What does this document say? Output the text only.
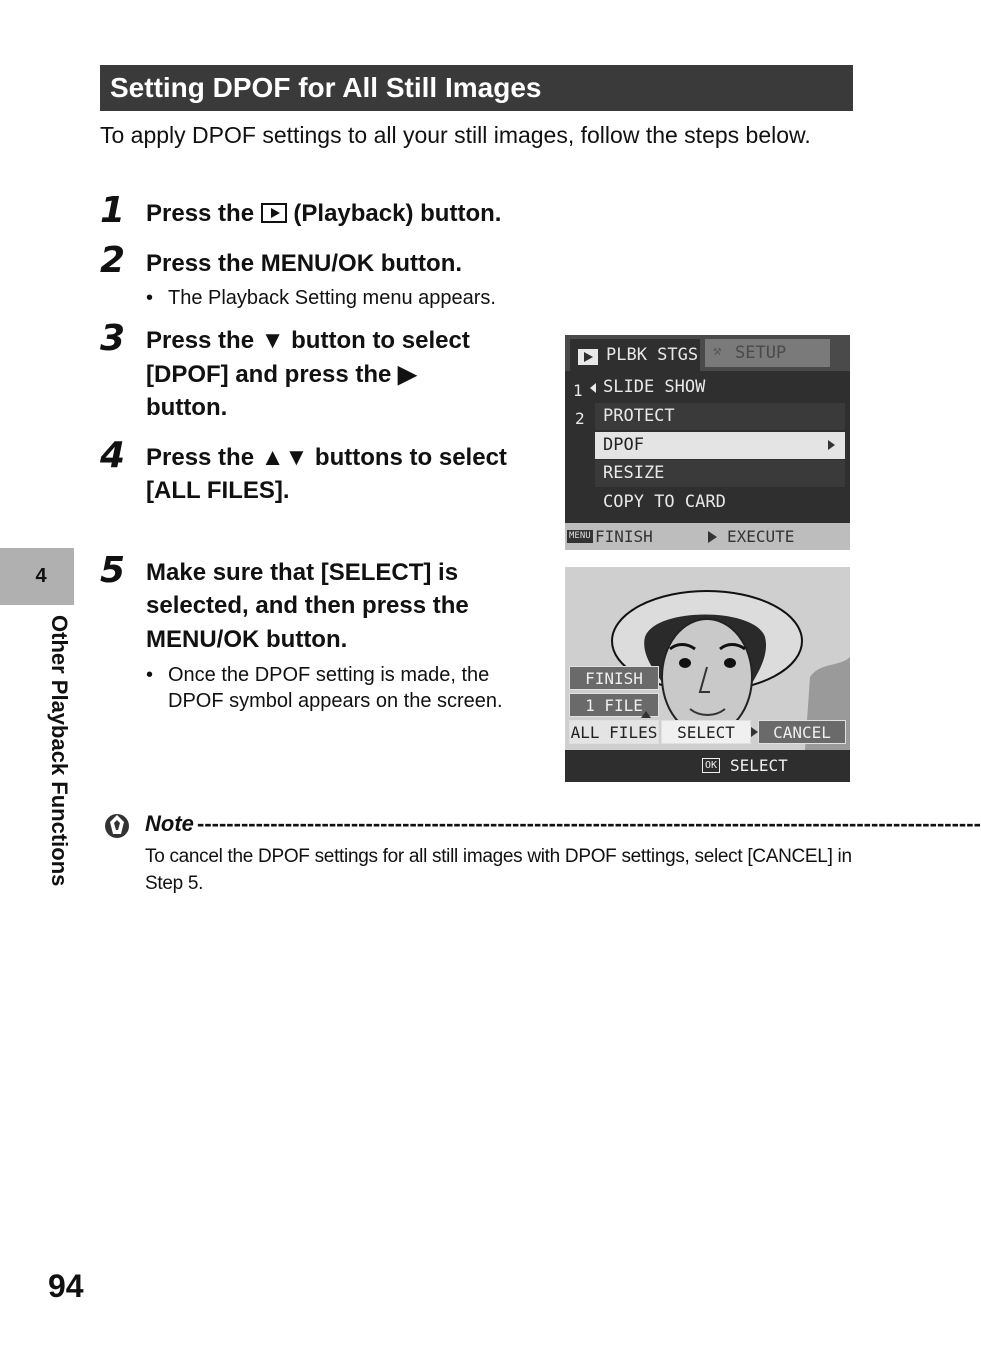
Setting DPOF for All Still Images
To apply DPOF settings to all your still images, follow the steps below.
1 Press the (Playback) button.
2 Press the MENU/OK button.
• The Playback Setting menu appears.
3 Press the ▼ button to select
[DPOF] and press the ▶
button.
4 Press the ▲▼ buttons to select
[ALL FILES].
5 Make sure that [SELECT] is
selected, and then press the
MENU/OK button.
• Once the DPOF setting is made, the
DPOF symbol appears on the screen.
PLBK STGS ⚒ SETUP
1
2
SLIDE SHOW
PROTECT
DPOF
RESIZE
COPY TO CARD
MENU FINISH	EXECUTE
FINISH
1 FILE
ALL FILES	SELECT	CANCEL
OK SELECT
4
Other Playback Functions	Note -----------------------------------------------------------------------------------------------------------
To cancel the DPOF settings for all still images with DPOF settings, select [CANCEL] in Step 5.
94
